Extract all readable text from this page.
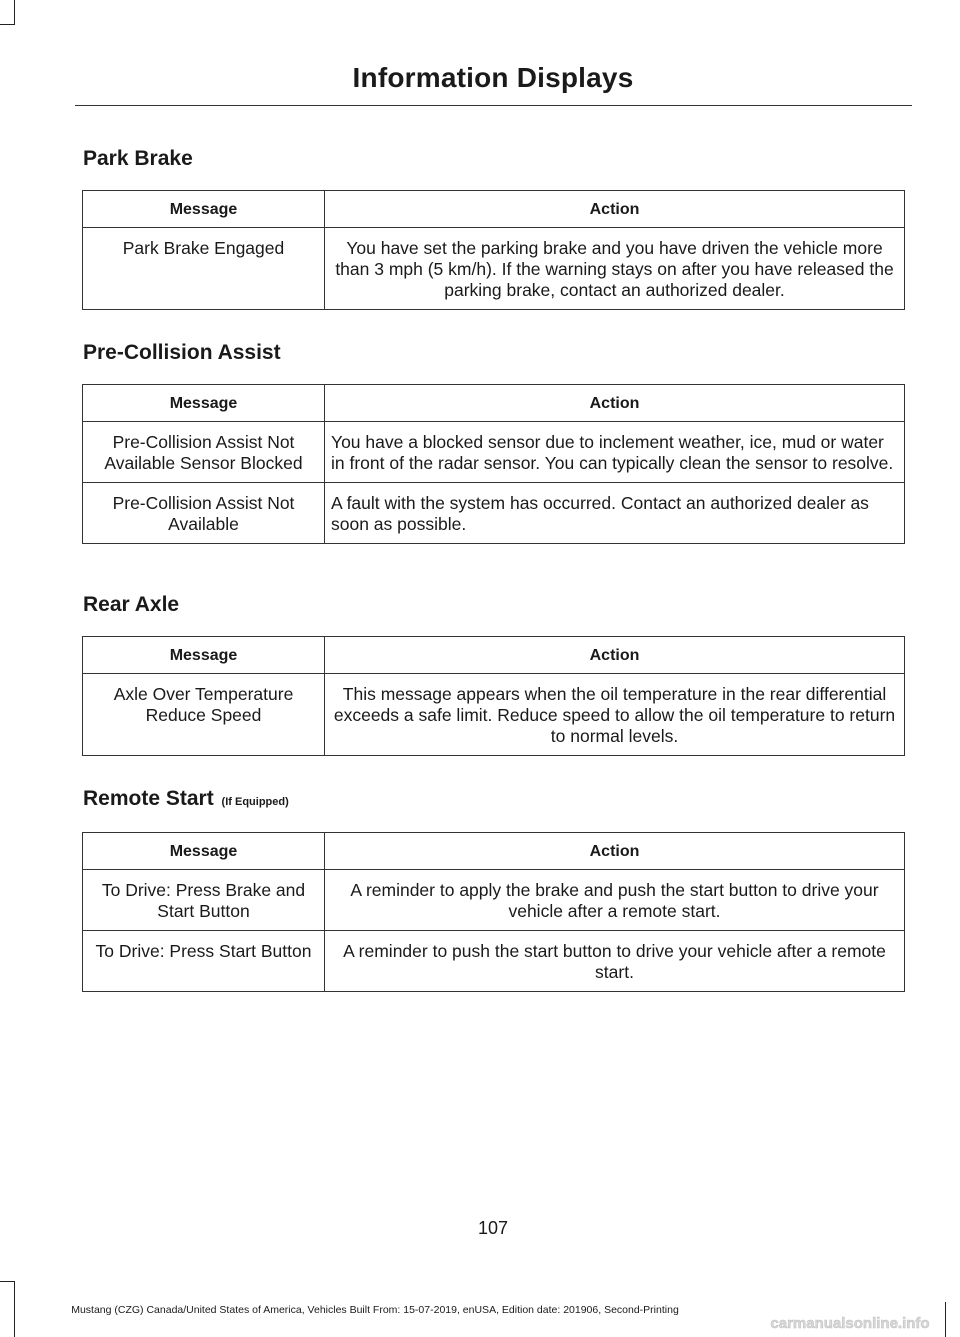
Information Displays
Park Brake
Message	Action
Park Brake Engaged	You have set the parking brake and you have driven the vehicle more than 3 mph (5 km/h). If the warning stays on after you have released the parking brake, contact an authorized dealer.
Pre-Collision Assist
Message	Action
Pre-Collision Assist Not Available Sensor Blocked	You have a blocked sensor due to inclement weather, ice, mud or water in front of the radar sensor. You can typically clean the sensor to resolve.
Pre-Collision Assist Not Available	A fault with the system has occurred. Contact an authorized dealer as soon as possible.
Rear Axle
Message	Action
Axle Over Temperature Reduce Speed	This message appears when the oil temperature in the rear differential exceeds a safe limit. Reduce speed to allow the oil temperature to return to normal levels.
Remote Start (If Equipped)
Message	Action
To Drive: Press Brake and Start Button	A reminder to apply the brake and push the start button to drive your vehicle after a remote start.
To Drive: Press Start Button	A reminder to push the start button to drive your vehicle after a remote start.
107
Mustang (CZG) Canada/United States of America, Vehicles Built From: 15-07-2019, enUSA, Edition date: 201906, Second-Printing
carmanualsonline.info
